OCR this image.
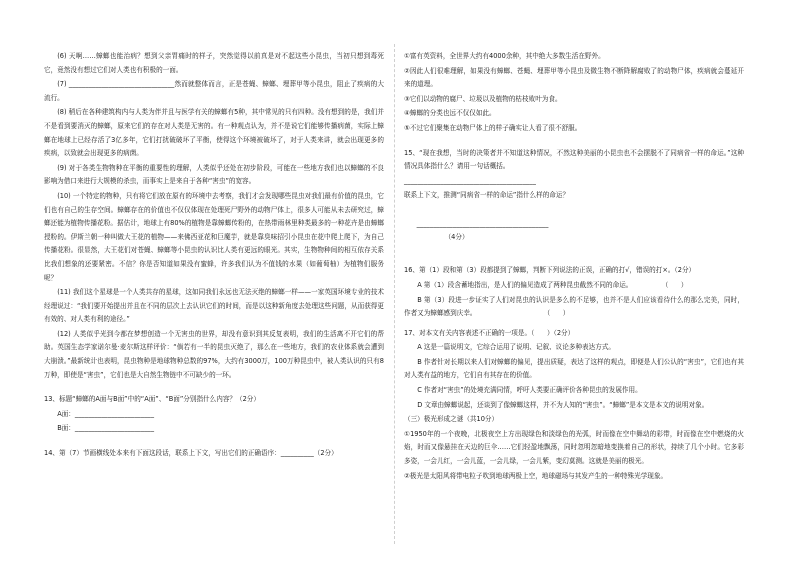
(6) 天啊……蟑螂也能治病？想到父亲胃痛时的样子，突然觉得以前真是对不起这些小昆虫，当初只想到毒死它，竟然没有想过它们对人类也有积极的一面。

(7) ________________________________然而就整体而言，正是苍蝇、蟑螂、埋葬甲等小昆虫，阻止了疾病的大流行。

(8) 稍后在各种建筑构内与人类为伴并且与医学有关的蟑螂有5种，其中常见的只有四种。没有想到的是，我们并不是看到要消灭的蟑螂，原来它们的存在对人类是无害的。有一种观点认为，并不是说它们能够传播病菌，实际上蟑螂在地球上已经存活了3亿多年，它们打扰破破坏了平衡，使得这个环境被破坏了，对于人类来讲，就会出现更多的疾病，以致就会出现更多的病菌。

(9) 对于各类生物物种在平衡的重要性的理解，人类似乎还处在初步阶段，可能在一些地方我们也以蟑螂的不良影响为借口来进行大规模的杀虫，而事实上是来自于各种“害虫”的宽容。

(10) 一个特定的物种，只有将它们放在原有的环境中去考察，我们才会发现哪些昆虫对我们最有价值的昆虫，它们也有自己的生存空间。蟑螂存在的价值也不仅仅体现在处理死尸野外的动物尸体上，很多人可能从未去研究过，蟑螂还能为植物传播花粉。据估计，地球上有80%的植物是靠蟑螂传粉的，在热带雨林里种类最多的一种花卉是由蟑螂授粉的。伊斯兰朝一种叫做大王花的植物——来佛西亚花和巨魔芋，就是靠臭味招引小昆虫在花中爬上爬下，为自己传播花粉。很显然，大王花们对苍蝇、蟑螂等小昆虫的认识比人类有更远的眼光。其实，生物物种间的相互依存关系比我们想象的还要紧密。不信？你是否知道如果没有蜜蜂，许多我们认为不值钱的水果（如葡萄柚）为植物们服务呢？

(11) 我们这个星球是一个人类共存的星球，这如同我们永远也无法灭绝的蟑螂一样——一家英国环境专业的技术经理说过：“我们要开始提出并且在不同的层次上去认识它们的时间，而是以这种新角度去处理这些问题，从而获得更有效的、对人类有利的途径。”

(12) 人类似乎光到今都在梦想创造一个无害虫的世界，却没有意识到其反复表明，我们的生活离不开它们的帮助。英国生态学家诺尔曼·麦尔斯这样评价：“倘若有一半的昆虫灭绝了，那么在一些地方，我们的农业体系就会遭到大崩溃。”最新统计也表明，昆虫物种是地球物种总数的97%，大约有3000万，100万种昆虫中，被人类认识的只有8万种，即使是“害虫”，它们也是大自然生物链中不可缺少的一环。

13、标题“蟑螂的A面与B面”中的“A面”、“B面”分别指什么内容？（2分）

A面：________________________

B面：________________________

14、第（7）节画横线处本来有下面这段话，联系上下文，写出它们的正确语序：__________（2分）

①富有英资料，全世界大约有4000余种，其中绝大多数生活在野外。

②因此人们很难理解，如果没有蟑螂、苍蝇、埋葬甲等小昆虫及微生物不断降解腐败了的动物尸体，疾病就会蔓延开来的道理。

③它们以动物的腐尸、垃圾以及植物的枯枝败叶为食。

④蟑螂的分类也远不仅仅如此。

⑤不过它们聚集在动物尸体上的样子确实让人看了很不舒服。

15、“现在我想，当时的决策者并不知道这种情况，不然这种美丽的小昆虫也不会摆脱不了同病省一样的命运。”这种情况具体指什么？请用一句话概括。

________________________________________

联系上下文，推测“同病省一样的命运”指什么样的命运？

________________________________________
（4分）

16、第（1）段和第（3）段都提到了蟑螂，判断下列说法的正误，正确的打√，错误的打×。（2分）

A 第（1）段含蓄地指出，是人们的偏见造成了两种昆虫截然不同的命运。              （      ）

B 第（3）段进一步证实了人们对昆虫的认识是多么的不足够，也并不是人们应该看待什么的那么完美，同时，作者又为蟑螂感到庆幸。                                （      ）

17、对本文有关内容表述不正确的一项是。（      ）（2分）

A 这是一篇说明文，它综合运用了说明、记叙、议论多种表达方式。

B 作者针对长期以来人们对蟑螂的偏见，提出质疑，表达了这样的观点，即便是人们公认的“害虫”，它们也有其对人类有益的地方，它们自有其存在的价值。

C 作者对“害虫”的处境充满同情，呼吁人类要正确评价各种昆虫的发展作用。

D 文章由蟑螂说起，还谈到了像蟑螂这样，并不为人知的“害虫”。“蟑螂”是本文是本文的说明对象。

（三）极光形成之谜（共10分）

①1950年的一个夜晚，北极夜空上方出现绿色和淡绿色的光弧，时而像在空中舞动的彩带，时而像在空中燃烧的火焰，时而又像悬挂在天边的巨伞……它们轻盈地飘荡，同时忽明忽暗地变换着自己的形状，持续了几个小时。它多彩多姿，一会儿红，一会儿蓝，一会儿绿，一会儿紫，变幻莫测。这就是美丽的极光。

②极光是太阳风将带电粒子吹到地球两极上空，地球磁场与其发产生的一种特殊光学现象。
